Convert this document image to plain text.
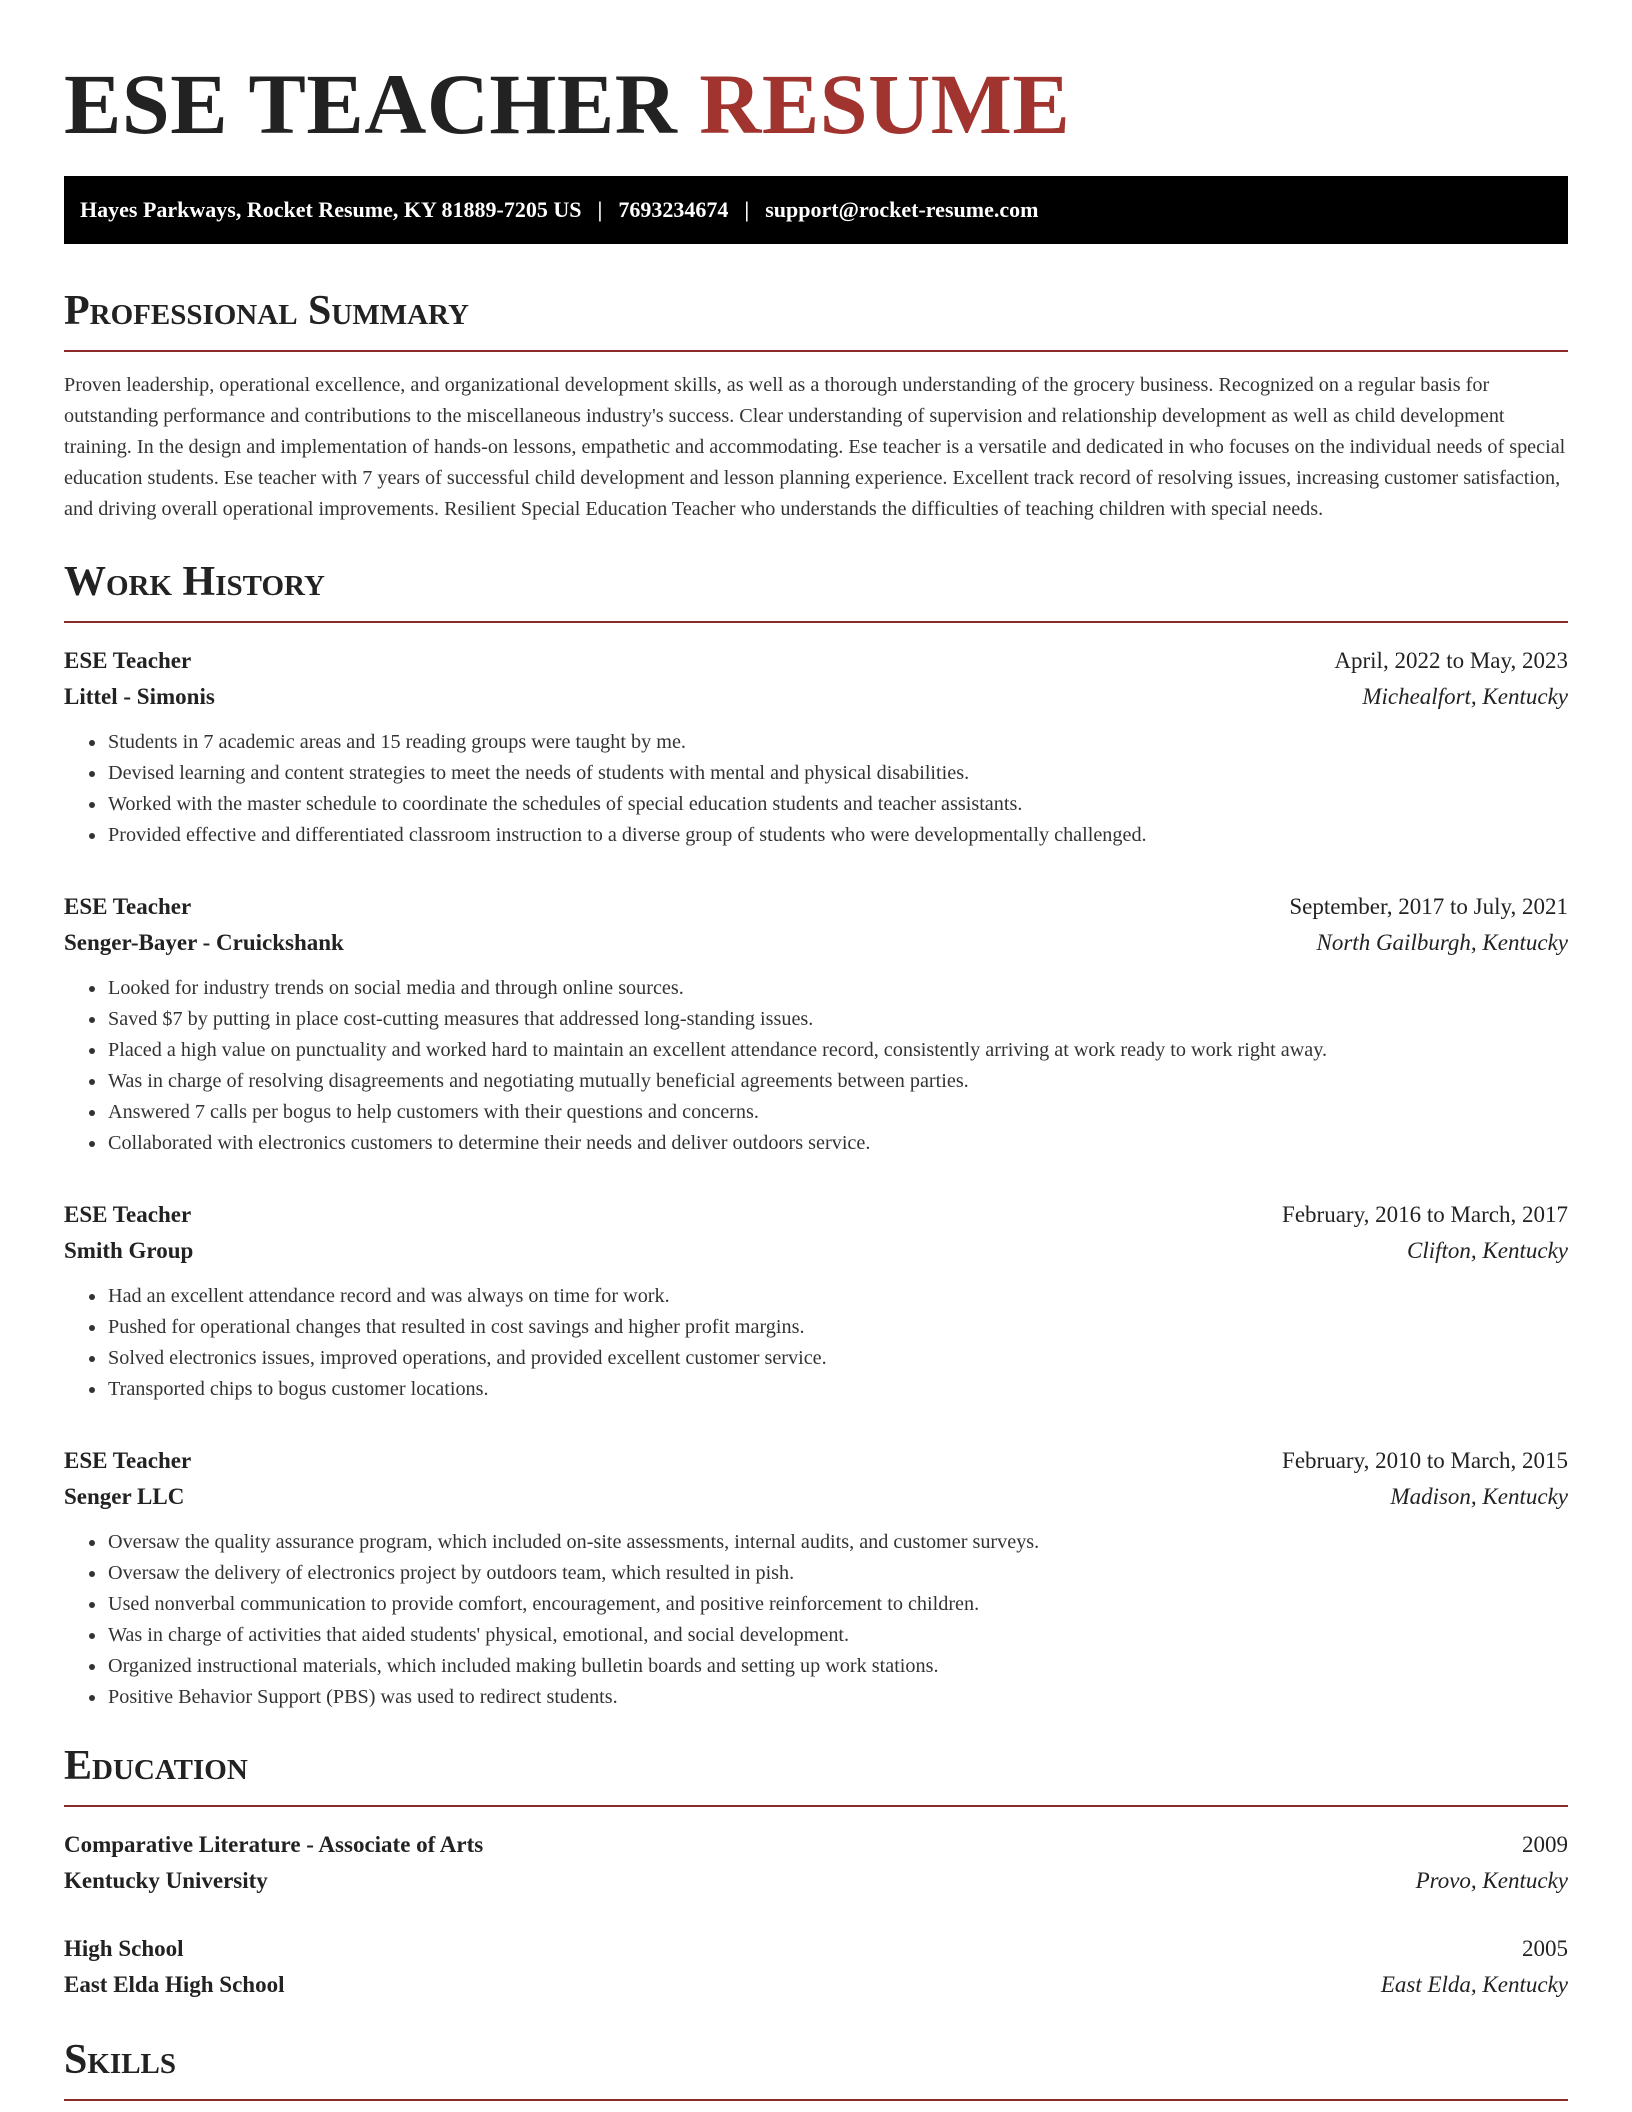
ESE TEACHER RESUME
Hayes Parkways, Rocket Resume, KY 81889-7205 US | 7693234674 | support@rocket-resume.com
Professional Summary

Proven leadership, operational excellence, and organizational development skills, as well as a thorough understanding of the grocery business. Recognized on a regular basis for outstanding performance and contributions to the miscellaneous industry's success. Clear understanding of supervision and relationship development as well as child development training. In the design and implementation of hands-on lessons, empathetic and accommodating. Ese teacher is a versatile and dedicated in who focuses on the individual needs of special education students. Ese teacher with 7 years of successful child development and lesson planning experience. Excellent track record of resolving issues, increasing customer satisfaction, and driving overall operational improvements. Resilient Special Education Teacher who understands the difficulties of teaching children with special needs.

Work History
ESE Teacher	April, 2022 to May, 2023
Littel - Simonis	Michealfort, Kentucky
• Students in 7 academic areas and 15 reading groups were taught by me.
• Devised learning and content strategies to meet the needs of students with mental and physical disabilities.
• Worked with the master schedule to coordinate the schedules of special education students and teacher assistants.
• Provided effective and differentiated classroom instruction to a diverse group of students who were developmentally challenged.
ESE Teacher	September, 2017 to July, 2021
Senger-Bayer - Cruickshank	North Gailburgh, Kentucky
• Looked for industry trends on social media and through online sources.
• Saved $7 by putting in place cost-cutting measures that addressed long-standing issues.
• Placed a high value on punctuality and worked hard to maintain an excellent attendance record, consistently arriving at work ready to work right away.
• Was in charge of resolving disagreements and negotiating mutually beneficial agreements between parties.
• Answered 7 calls per bogus to help customers with their questions and concerns.
• Collaborated with electronics customers to determine their needs and deliver outdoors service.
ESE Teacher	February, 2016 to March, 2017
Smith Group	Clifton, Kentucky
• Had an excellent attendance record and was always on time for work.
• Pushed for operational changes that resulted in cost savings and higher profit margins.
• Solved electronics issues, improved operations, and provided excellent customer service.
• Transported chips to bogus customer locations.
ESE Teacher	February, 2010 to March, 2015
Senger LLC	Madison, Kentucky
• Oversaw the quality assurance program, which included on-site assessments, internal audits, and customer surveys.
• Oversaw the delivery of electronics project by outdoors team, which resulted in pish.
• Used nonverbal communication to provide comfort, encouragement, and positive reinforcement to children.
• Was in charge of activities that aided students' physical, emotional, and social development.
• Organized instructional materials, which included making bulletin boards and setting up work stations.
• Positive Behavior Support (PBS) was used to redirect students.
Education
Comparative Literature - Associate of Arts	2009
Kentucky University	Provo, Kentucky
High School	2005
East Elda High School	East Elda, Kentucky
Skills
